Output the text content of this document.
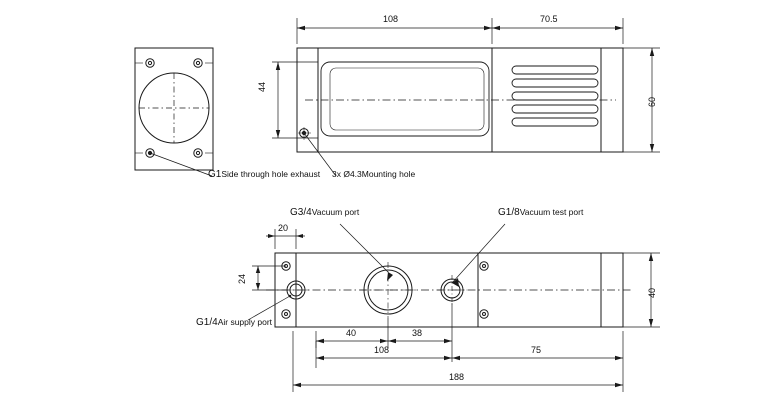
G1Side through hole exhaust 3x Ø4.3Mounting hole
G3/4Vacuum port	G1/8Vacuum test port
G1/4Air supply port
108	70.5
44
60
20
24
40
40	38
108	75
188
